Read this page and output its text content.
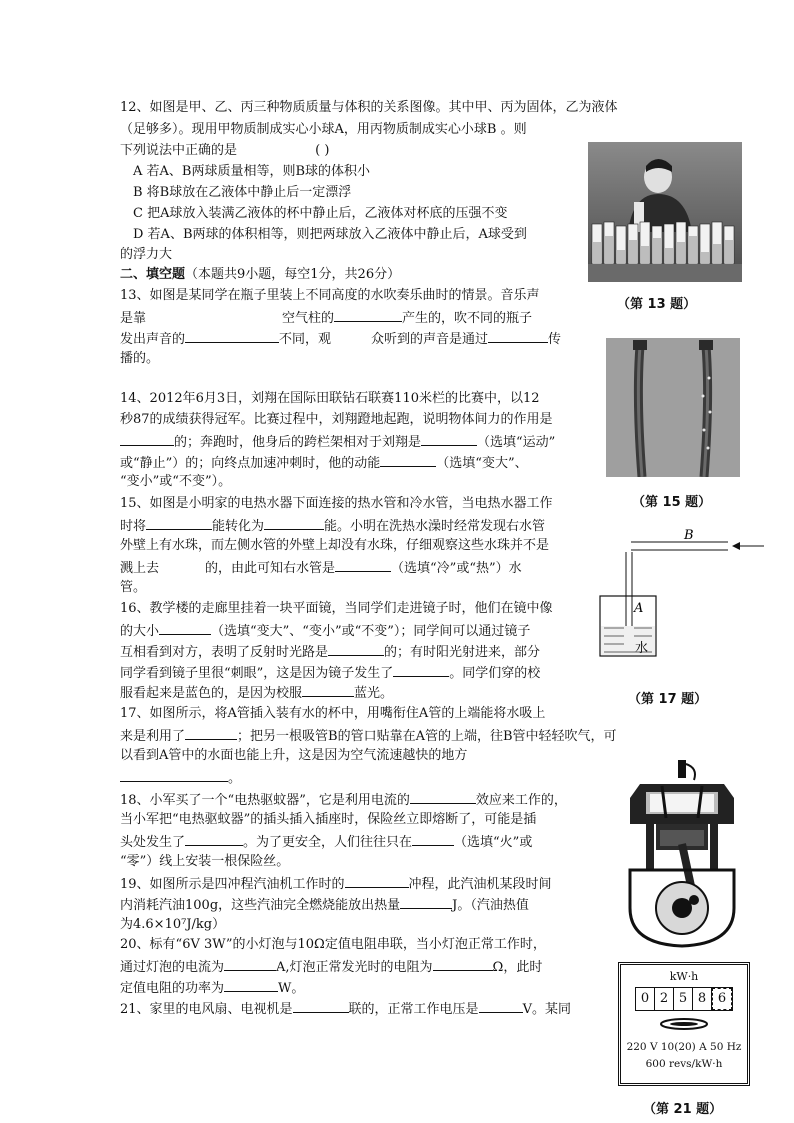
12、如图是甲、乙、丙三种物质质量与体积的关系图像。其中甲、丙为固体，乙为液体
（足够多）。现用甲物质制成实心小球A，用丙物质制成实心小球B 。则
下列说法中正确的是	( )
A 若A、B两球质量相等，则B球的体积小
B 将B球放在乙液体中静止后一定漂浮
C 把A球放入装满乙液体的杯中静止后，乙液体对杯底的压强不变
D 若A、B两球的体积相等，则把两球放入乙液体中静止后，A球受到
的浮力大
二、填空题（本题共9小题，每空1分，共26分）
13、如图是某同学在瓶子里装上不同高度的水吹奏乐曲时的情景。音乐声
是靠	空气柱的	产生的，吹不同的瓶子
发出声音的	不同，观	众听到的声音是通过	传
播的。
14、2012年6月3日，刘翔在国际田联钻石联赛110米栏的比赛中，以12
秒87的成绩获得冠军。比赛过程中，刘翔蹬地起跑，说明物体间力的作用是
的；奔跑时，他身后的跨栏架相对于刘翔是	（选填“运动”
或“静止”）的；向终点加速冲刺时，他的动能	（选填“变大”、
“变小”或“不变”）。
15、如图是小明家的电热水器下面连接的热水管和冷水管，当电热水器工作
时将	能转化为	能。小明在洗热水澡时经常发现右水管
外壁上有水珠，而左侧水管的外壁上却没有水珠，仔细观察这些水珠并不是
溅上去	的，由此可知右水管是	（选填“冷”或“热”）水
管。
16、教学楼的走廊里挂着一块平面镜，当同学们走进镜子时，他们在镜中像
的大小	（选填“变大”、“变小”或“不变”）；同学间可以通过镜子
互相看到对方，表明了反射时光路是	的；有时阳光射进来，部分
同学看到镜子里很“刺眼”，这是因为镜子发生了	。同学们穿的校
服看起来是蓝色的，是因为校服	蓝光。
17、如图所示，将A管插入装有水的杯中，用嘴衔住A管的上端能将水吸上
来是利用了	；把另一根吸管B的管口贴靠在A管的上端，往B管中轻轻吹气，可
以看到A管中的水面也能上升，这是因为空气流速越快的地方
。
18、小军买了一个“电热驱蚊器”，它是利用电流的	效应来工作的，
当小军把“电热驱蚊器”的插头插入插座时，保险丝立即熔断了，可能是插
头处发生了	。为了更安全，人们往往只在	（选填“火”或
“零”）线上安装一根保险丝。
19、如图所示是四冲程汽油机工作时的	冲程，此汽油机某段时间
内消耗汽油100g，这些汽油完全燃烧能放出热量	J。（汽油热值
为4.6×10⁷J/kg）
20、标有“6V 3W”的小灯泡与10Ω定值电阻串联，当小灯泡正常工作时，
通过灯泡的电流为	A,灯泡正常发光时的电阻为	Ω，此时
定值电阻的功率为	W。
21、家里的电风扇、电视机是	联的，正常工作电压是	V。某同
（第 13 题）
（第 15 题）
B
A
水
（第 17 题）
kW·h
0 2 5 8 6
220 V 10(20) A 50 Hz
600 revs/kW·h
（第 21 题）
